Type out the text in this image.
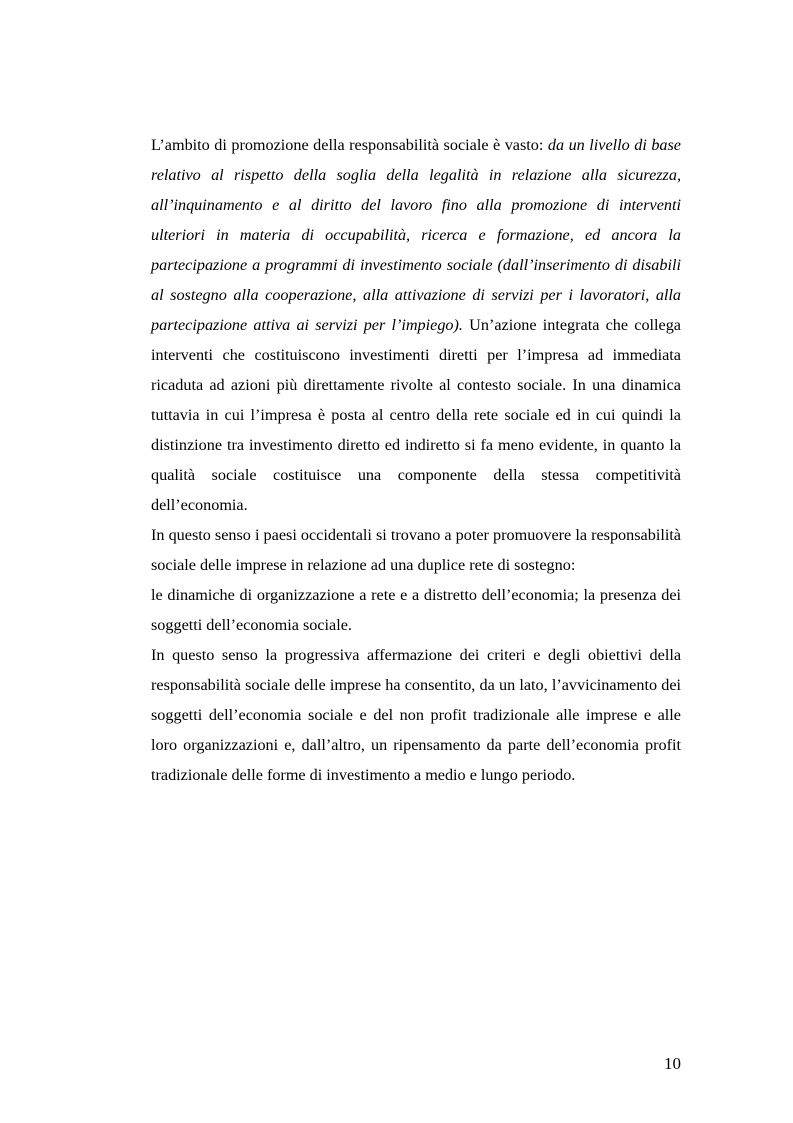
L’ambito di promozione della responsabilità sociale è vasto: da un livello di base relativo al rispetto della soglia della legalità in relazione alla sicurezza, all’inquinamento e al diritto del lavoro fino alla promozione di interventi ulteriori in materia di occupabilità, ricerca e formazione, ed ancora la partecipazione a programmi di investimento sociale (dall’inserimento di disabili al sostegno alla cooperazione, alla attivazione di servizi per i lavoratori, alla partecipazione attiva ai servizi per l’impiego). Un’azione integrata che collega interventi che costituiscono investimenti diretti per l’impresa ad immediata ricaduta ad azioni più direttamente rivolte al contesto sociale. In una dinamica tuttavia in cui l’impresa è posta al centro della rete sociale ed in cui quindi la distinzione tra investimento diretto ed indiretto si fa meno evidente, in quanto la qualità sociale costituisce una componente della stessa competitività dell’economia.

In questo senso i paesi occidentali si trovano a poter promuovere la responsabilità sociale delle imprese in relazione ad una duplice rete di sostegno:

le dinamiche di organizzazione a rete e a distretto dell’economia; la presenza dei soggetti dell’economia sociale.

In questo senso la progressiva affermazione dei criteri e degli obiettivi della responsabilità sociale delle imprese ha consentito, da un lato, l’avvicinamento dei soggetti dell’economia sociale e del non profit tradizionale alle imprese e alle loro organizzazioni e, dall’altro, un ripensamento da parte dell’economia profit tradizionale delle forme di investimento a medio e lungo periodo.

10
